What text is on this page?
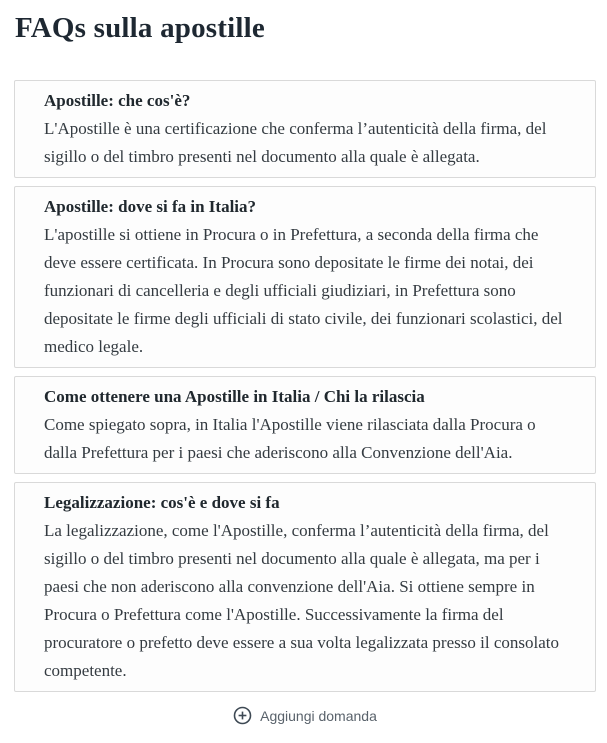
FAQs sulla apostille
Apostille: che cos'è?
L'Apostille è una certificazione che conferma l’autenticità della firma, del sigillo o del timbro presenti nel documento alla quale è allegata.
Apostille: dove si fa in Italia?
L'apostille si ottiene in Procura o in Prefettura, a seconda della firma che deve essere certificata. In Procura sono depositate le firme dei notai, dei funzionari di cancelleria e degli ufficiali giudiziari, in Prefettura sono depositate le firme degli ufficiali di stato civile, dei funzionari scolastici, del medico legale.
Come ottenere una Apostille in Italia / Chi la rilascia
Come spiegato sopra, in Italia l'Apostille viene rilasciata dalla Procura o dalla Prefettura per i paesi che aderiscono alla Convenzione dell'Aia.
Legalizzazione: cos'è e dove si fa
La legalizzazione, come l'Apostille, conferma l’autenticità della firma, del sigillo o del timbro presenti nel documento alla quale è allegata, ma per i paesi che non aderiscono alla convenzione dell'Aia. Si ottiene sempre in Procura o Prefettura come l'Apostille. Successivamente la firma del procuratore o prefetto deve essere a sua volta legalizzata presso il consolato competente.
Aggiungi domanda
